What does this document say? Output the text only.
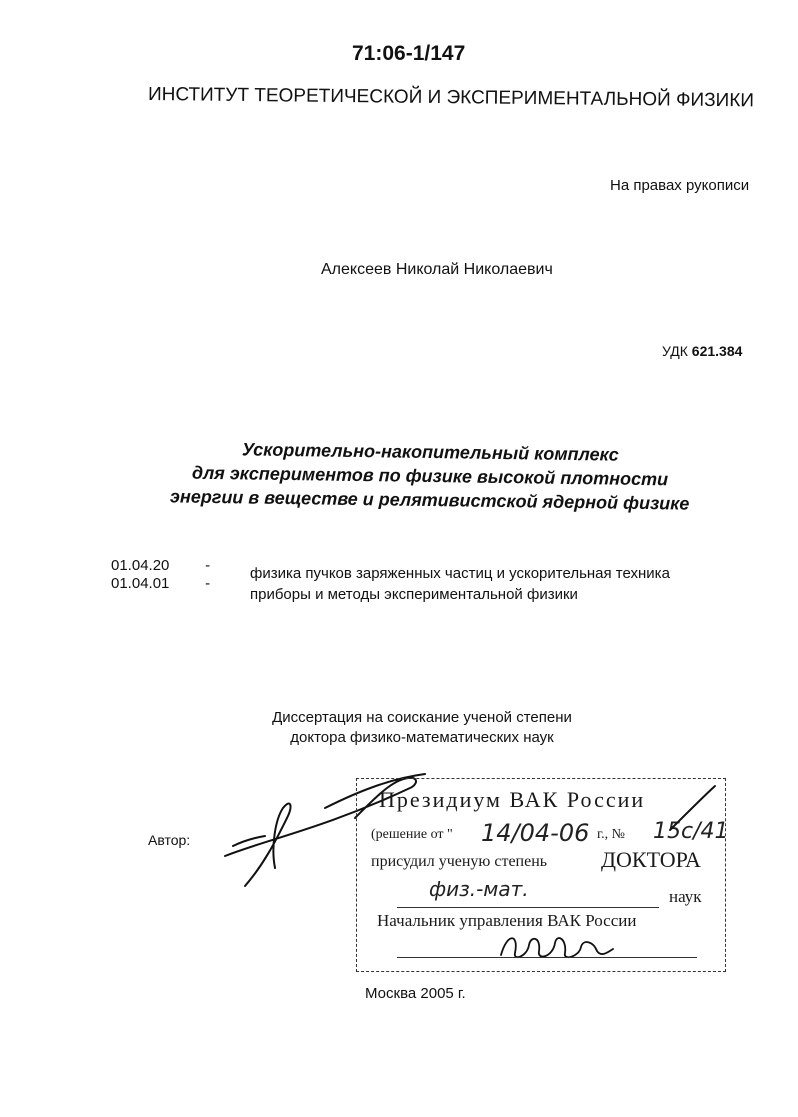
71:06-1/147
ИНСТИТУТ ТЕОРЕТИЧЕСКОЙ И ЭКСПЕРИМЕНТАЛЬНОЙ ФИЗИКИ
На правах рукописи
Алексеев Николай Николаевич
УДК 621.384
Ускорительно-накопительный комплекс
для экспериментов по физике высокой плотности
энергии в веществе и релятивистской ядерной физике
01.04.20 -	физика пучков заряженных частиц и ускорительная техника
01.04.01 -
приборы и методы экспериментальной физики
Диссертация на соискание ученой степени
доктора физико-математических наук
Автор:
Президиум ВАК России
(решение от " 14/04-06 г., № 15с/41
присудил ученую степень ДОКТОРА
физ.-мат.	наук
Начальник управления ВАК России
Москва 2005 г.
